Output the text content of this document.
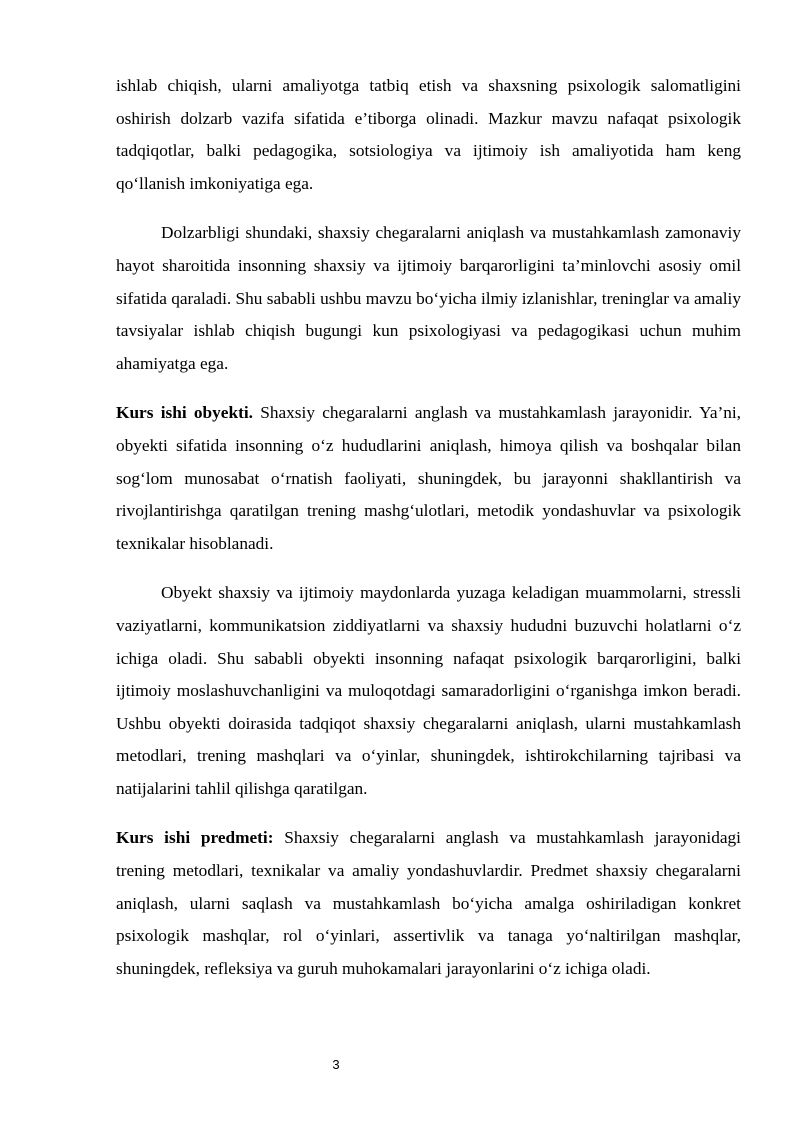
ishlab chiqish, ularni amaliyotga tatbiq etish va shaxsning psixologik salomatligini oshirish dolzarb vazifa sifatida e’tiborga olinadi. Mazkur mavzu nafaqat psixologik tadqiqotlar, balki pedagogika, sotsiologiya va ijtimoiy ish amaliyotida ham keng qo‘llanish imkoniyatiga ega.

Dolzarbligi shundaki, shaxsiy chegaralarni aniqlash va mustahkamlash zamonaviy hayot sharoitida insonning shaxsiy va ijtimoiy barqarorligini ta’minlovchi asosiy omil sifatida qaraladi. Shu sababli ushbu mavzu bo‘yicha ilmiy izlanishlar, treninglar va amaliy tavsiyalar ishlab chiqish bugungi kun psixologiyasi va pedagogikasi uchun muhim ahamiyatga ega.

Kurs ishi obyekti. Shaxsiy chegaralarni anglash va mustahkamlash jarayonidir. Ya’ni, obyekti sifatida insonning o‘z hududlarini aniqlash, himoya qilish va boshqalar bilan sog‘lom munosabat o‘rnatish faoliyati, shuningdek, bu jarayonni shakllantirish va rivojlantirishga qaratilgan trening mashg‘ulotlari, metodik yondashuvlar va psixologik texnikalar hisoblanadi.

Obyekt shaxsiy va ijtimoiy maydonlarda yuzaga keladigan muammolarni, stressli vaziyatlarni, kommunikatsion ziddiyatlarni va shaxsiy hududni buzuvchi holatlarni o‘z ichiga oladi. Shu sababli obyekti insonning nafaqat psixologik barqarorligini, balki ijtimoiy moslashuvchanligini va muloqotdagi samaradorligini o‘rganishga imkon beradi. Ushbu obyekti doirasida tadqiqot shaxsiy chegaralarni aniqlash, ularni mustahkamlash metodlari, trening mashqlari va o‘yinlar, shuningdek, ishtirokchilarning tajribasi va natijalarini tahlil qilishga qaratilgan.

Kurs ishi predmeti: Shaxsiy chegaralarni anglash va mustahkamlash jarayonidagi trening metodlari, texnikalar va amaliy yondashuvlardir. Predmet shaxsiy chegaralarni aniqlash, ularni saqlash va mustahkamlash bo‘yicha amalga oshiriladigan konkret psixologik mashqlar, rol o‘yinlari, assertivlik va tanaga yo‘naltirilgan mashqlar, shuningdek, refleksiya va guruh muhokamalari jarayonlarini o‘z ichiga oladi.

3
